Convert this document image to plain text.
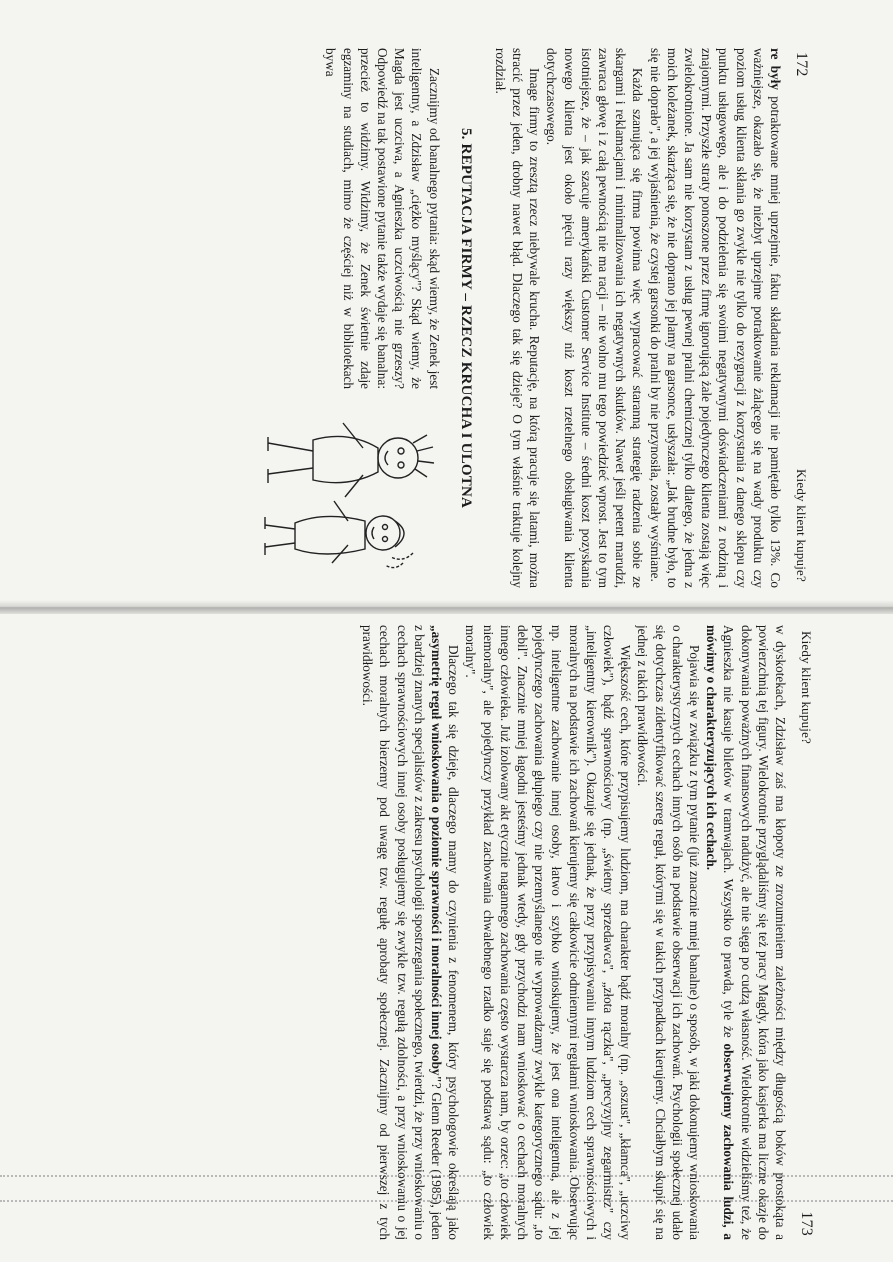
172
Kiedy klient kupuje?

re były potraktowane mniej uprzejmie, faktu składania reklamacji nie pamiętało tylko 13%. Co ważniejsze, okazało się, że niezbyt uprzejme potraktowanie żalącego się na wady produktu czy poziom usług klienta skłania go zwykle nie tylko do rezygnacji z korzystania z danego sklepu czy punktu usługowego, ale i do podzielenia się swoimi negatywnymi doświadczeniami z rodziną i znajomymi. Przyszłe straty ponoszone przez firmę ignorującą żale pojedynczego klienta zostają więc zwielokrotnione. Ja sam nie korzystam z usług pewnej pralni chemicznej tylko dlatego, że jedna z moich koleżanek, skarżąca się, że nie doprano jej plamy na garsonce, usłyszała: „Jak brudne było, to się nie doprało", a jej wyjaśnienia, że czystej garsonki do pralni by nie przynosiła, zostały wyśmiane.

Każda szanująca się firma powinna więc wypracować staranną strategię radzenia sobie ze skargami i reklamacjami i minimalizowania ich negatywnych skutków. Nawet jeśli petent marudzi, zawraca głowę i z całą pewnością nie ma racji – nie wolno mu tego powiedzieć wprost. Jest to tym istotniejsze, że – jak szacuje amerykański Customer Service Institute – średni koszt pozyskania nowego klienta jest około pięciu razy większy niż koszt rzetelnego obsługiwania klienta dotychczasowego.

Image firmy to zresztą rzecz niebywale krucha. Reputację, na którą pracuje się latami, można stracić przez jeden, drobny nawet błąd. Dlaczego tak się dzieje? O tym właśnie traktuje kolejny rozdział.

5. REPUTACJA FIRMY – RZECZ KRUCHA I ULOTNA

Zacznijmy od banalnego pytania: skąd wiemy, że Zenek jest inteligentny, a Zdzisław „ciężko myślący"? Skąd wiemy, że Magda jest uczciwa, a Agnieszka uczciwością nie grzeszy? Odpowiedź na tak postawione pytanie także wydaje się banalna: przecież to widzimy. Widzimy, że Zenek świetnie zdaje egzaminy na studiach, mimo że częściej niż w bibliotekach bywa

Kiedy klient kupuje?
173

w dyskotekach, Zdzisław zaś ma kłopoty ze zrozumieniem zależności między długością boków prostokąta a powierzchnią tej figury. Wielokrotnie przyglądaliśmy się też pracy Magdy, która jako kasjerka ma liczne okazje do dokonywania poważnych finansowych nadużyć, ale nie sięga po cudzą własność. Wielokrotnie widzieliśmy też, że Agnieszka nie kasuje biletów w tramwajach. Wszystko to prawda, tyle że obserwujemy zachowania ludzi, a mówimy o charakteryzujących ich cechach.

Pojawia się w związku z tym pytanie (już znacznie mniej banalne) o sposób, w jaki dokonujemy wnioskowania o charakterystycznych cechach innych osób na podstawie obserwacji ich zachowań. Psychologii społecznej udało się dotychczas zidentyfikować szereg reguł, którymi się w takich przypadkach kierujemy. Chciałbym skupić się na jednej z takich prawidłowości.

Większość cech, które przypisujemy ludziom, ma charakter bądź moralny (np. „oszust", „kłamca", „uczciwy człowiek"), bądź sprawnościowy (np. „świetny sprzedawca", „złota rączka", „precyzyjny zegarmistrz" czy „inteligentny kierownik"). Okazuje się jednak, że przy przypisywaniu innym ludziom cech sprawnościowych i moralnych na podstawie ich zachowań kierujemy się całkowicie odmiennymi regułami wnioskowania. Obserwując np. inteligentne zachowanie innej osoby, łatwo i szybko wnioskujemy, że jest ona inteligentna, ale z jej pojedynczego zachowania głupiego czy nie przemyślanego nie wyprowadzamy zwykle kategorycznego sądu: „to debil". Znacznie mniej łagodni jesteśmy jednak wtedy, gdy przychodzi nam wnioskować o cechach moralnych innego człowieka. Już izolowany akt etycznie nagannego zachowania często wystarcza nam, by orzec: „to człowiek niemoralny", ale pojedynczy przykład zachowania chwalebnego rzadko staje się podstawą sądu: „to człowiek moralny".

Dlaczego tak się dzieje, dlaczego mamy do czynienia z fenomenem, który psychologowie określają jako „asymetrię reguł wnioskowania o poziomie sprawności i moralności innej osoby"? Glenn Reeder (1985), jeden z bardziej znanych specjalistów z zakresu psychologii spostrzegania społecznego, twierdzi, że przy wnioskowaniu o cechach sprawnościowych innej osoby posługujemy się zwykle tzw. regułą zdolności, a przy wnioskowaniu o jej cechach moralnych bierzemy pod uwagę tzw. regułę aprobaty społecznej. Zacznijmy od pierwszej z tych prawidłowości.
